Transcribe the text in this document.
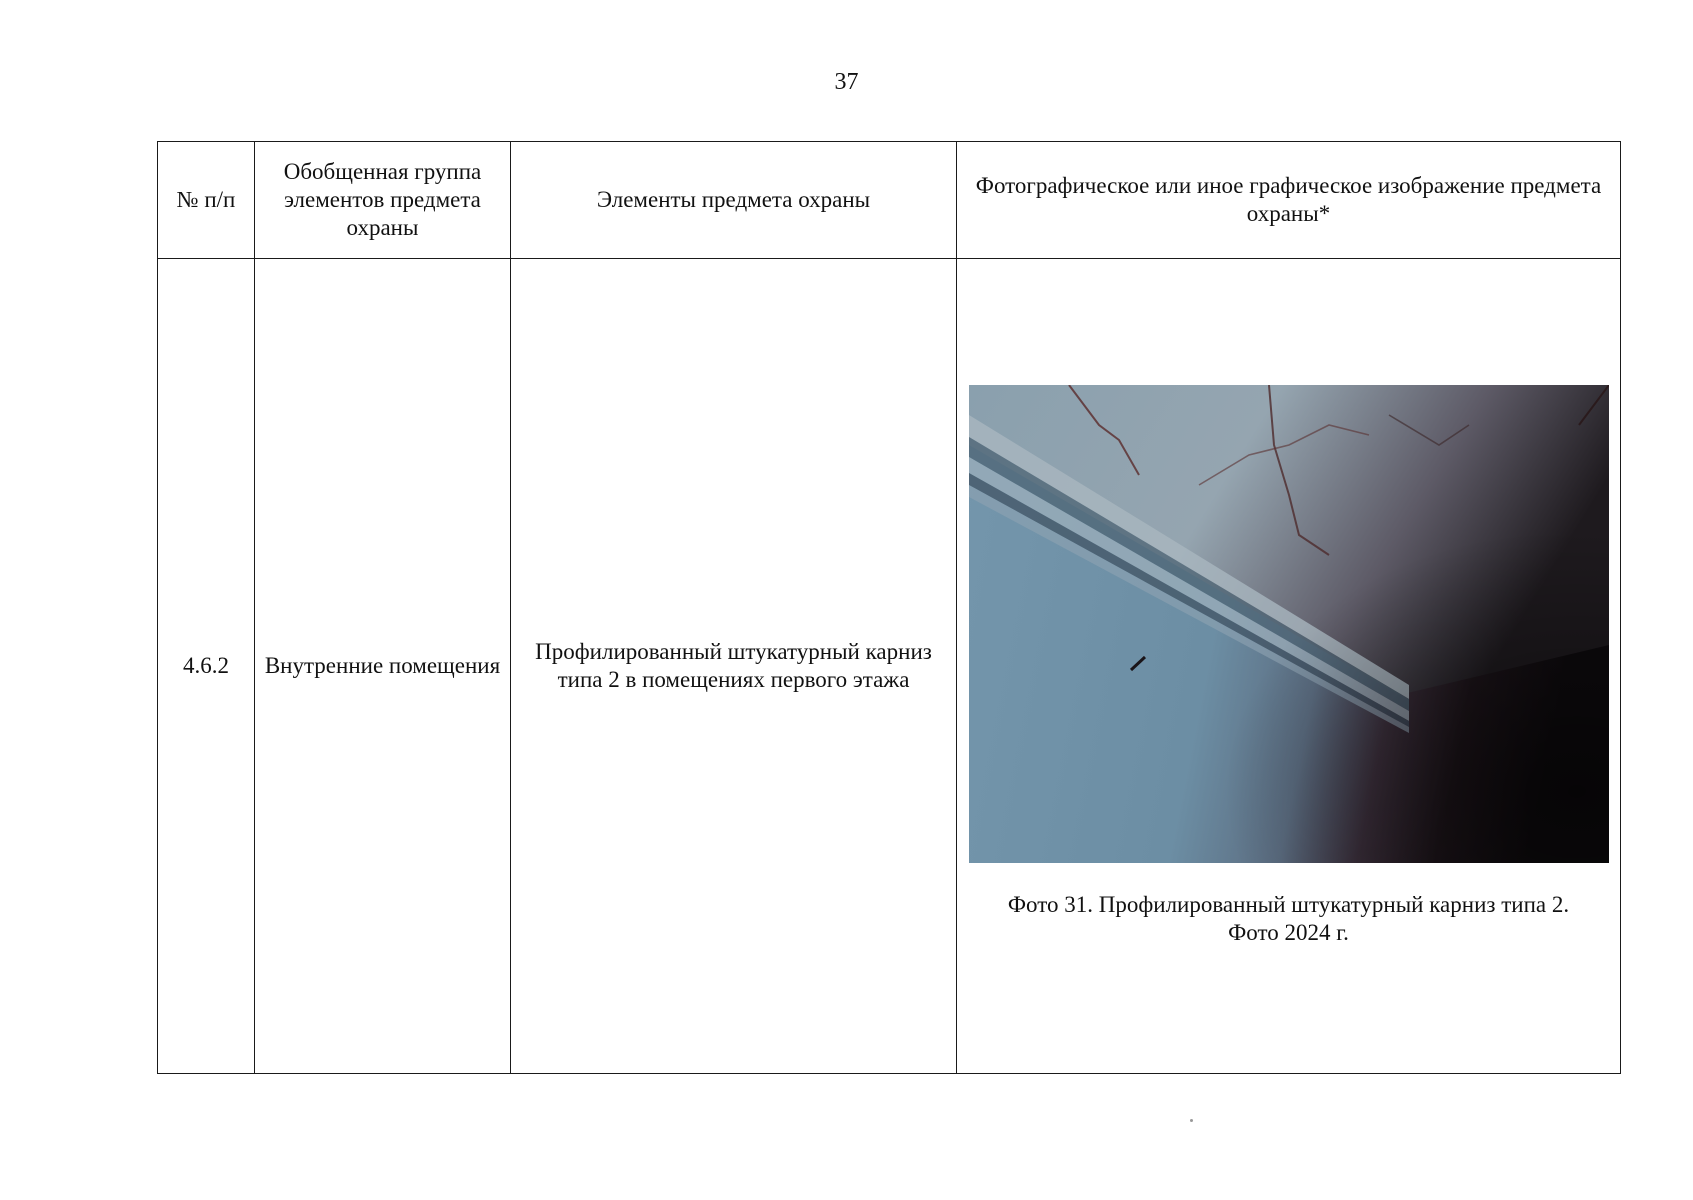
37
№ п/п	Обобщенная группа элементов предмета охраны	Элементы предмета охраны	Фотографическое или иное графическое изображение предмета охраны*
4.6.2	Внутренние помещения	Профилированный штукатурный карниз типа 2 в помещениях первого этажа	Фото 31. Профилированный штукатурный карниз типа 2.
Фото 2024 г.
